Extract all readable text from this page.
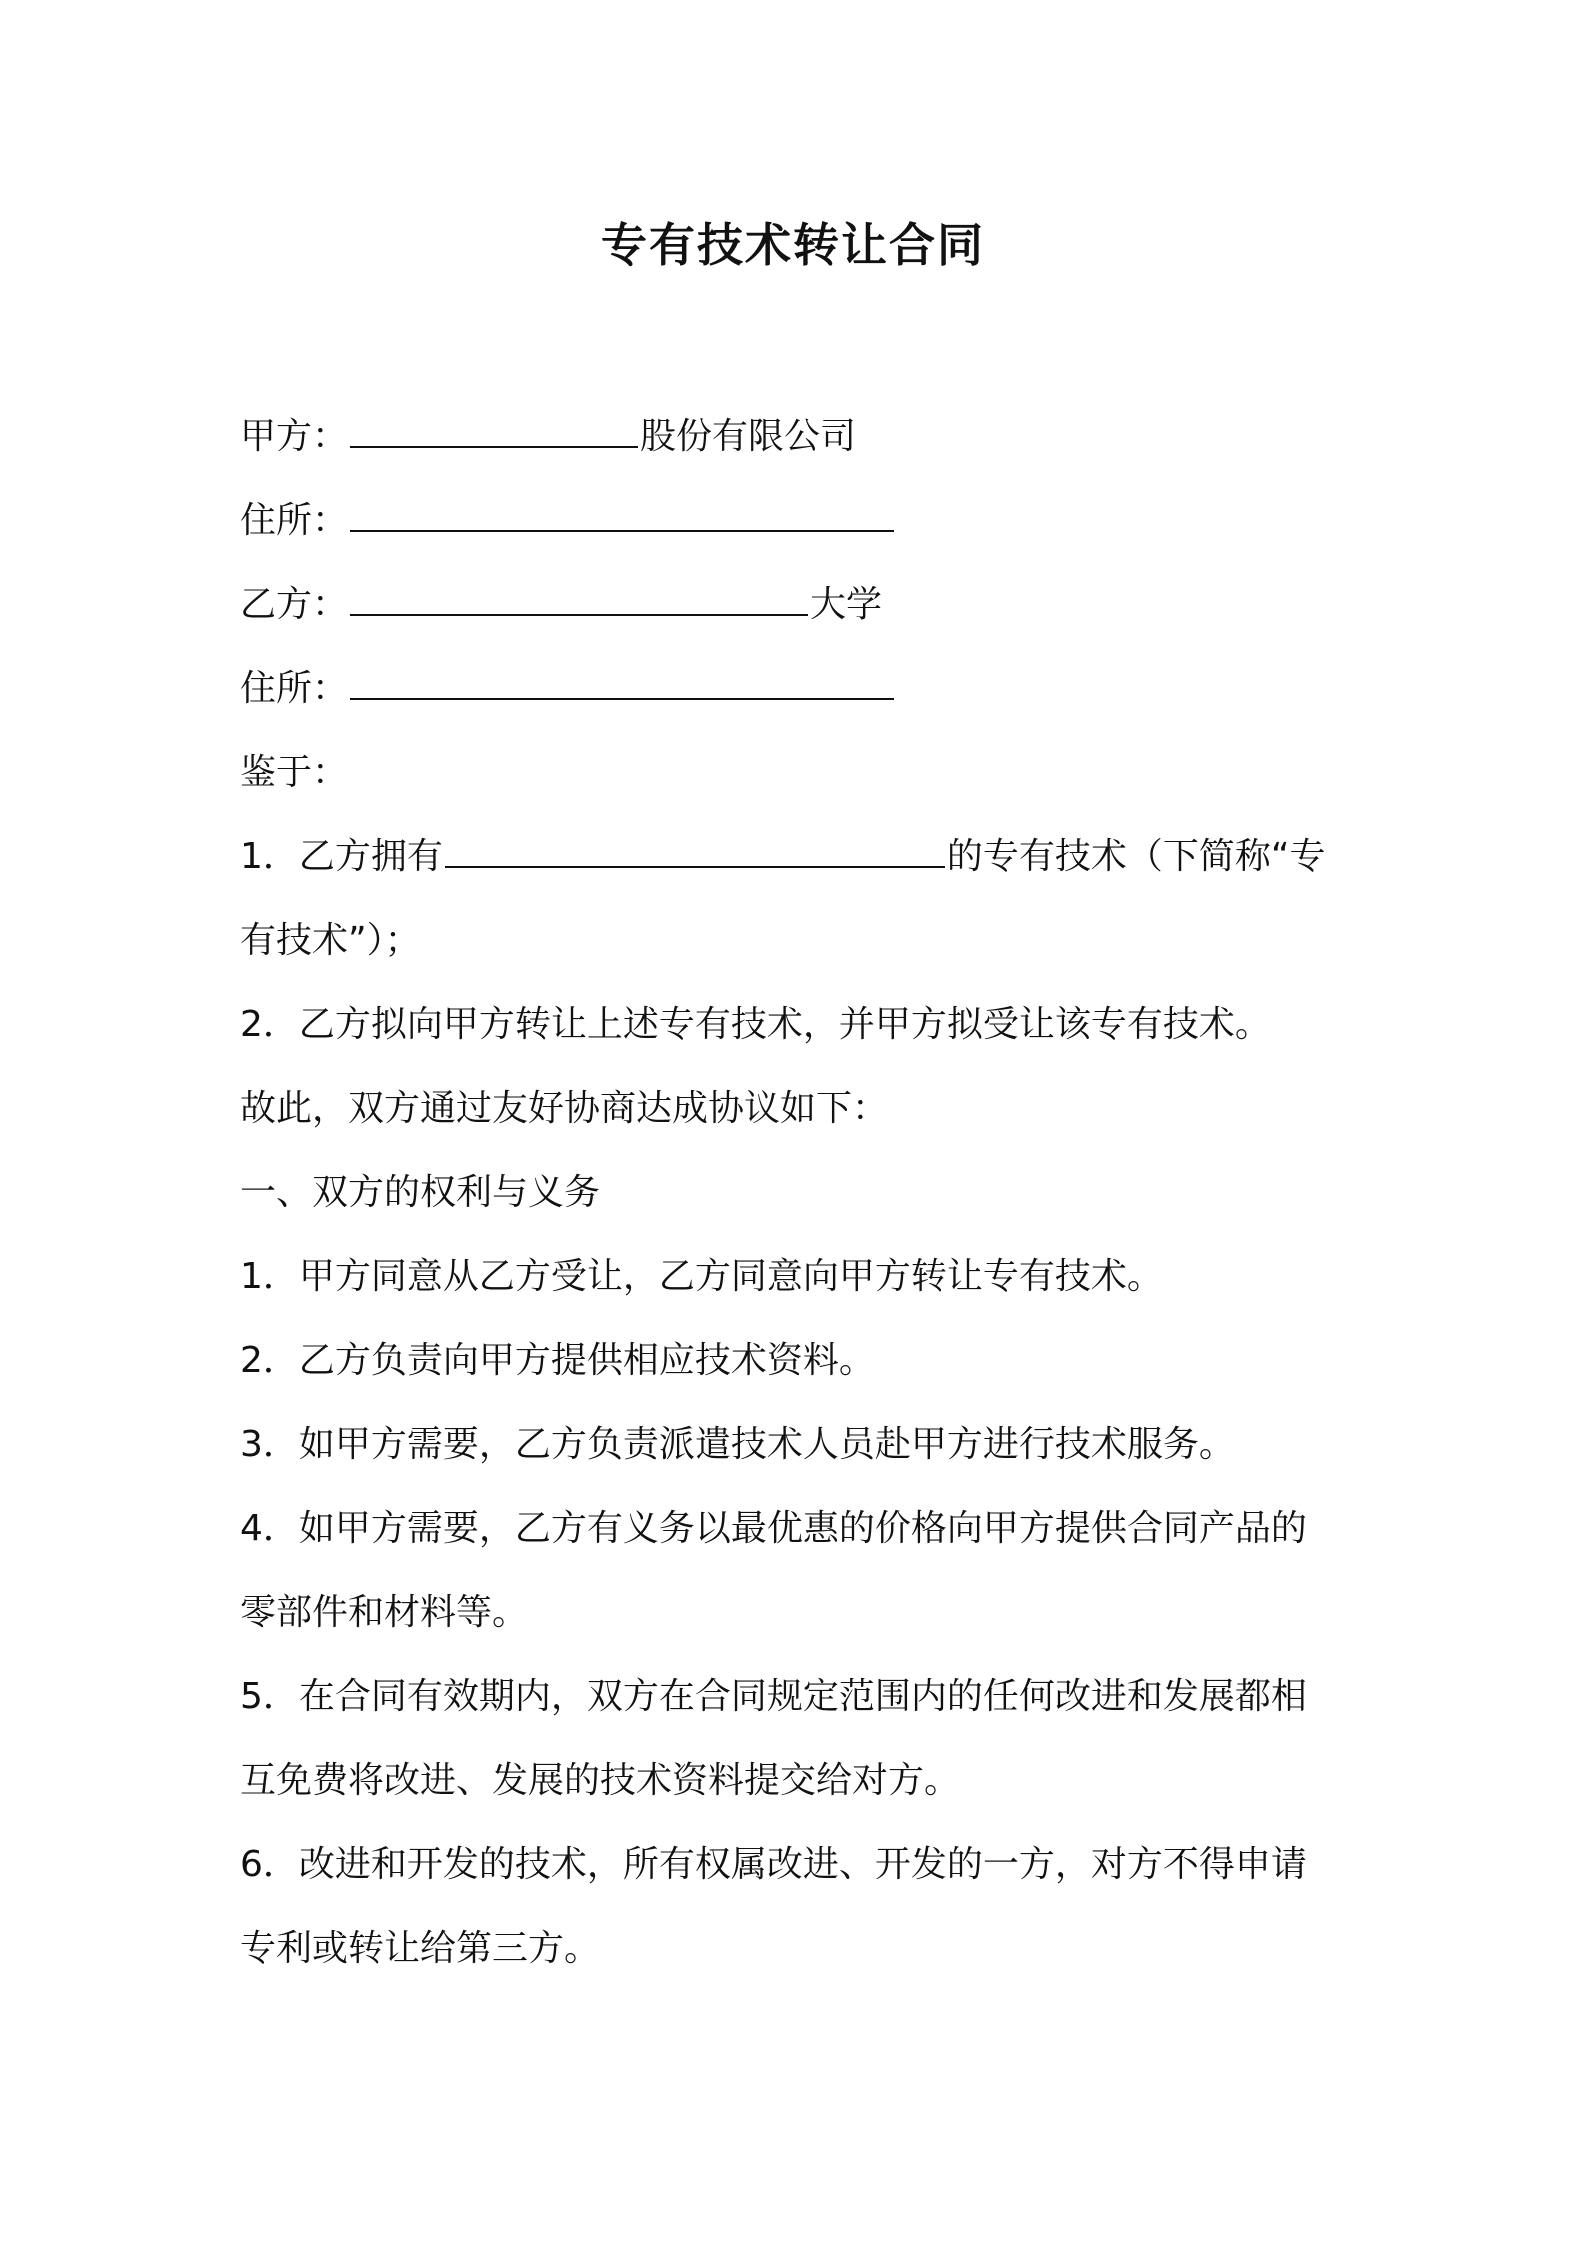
专有技术转让合同
甲方：	股份有限公司
住所：
乙方：	大学
住所：
鉴于：
1．乙方拥有	的专有技术（下简称“专
有技术”）；
2．乙方拟向甲方转让上述专有技术，并甲方拟受让该专有技术。
故此，双方通过友好协商达成协议如下：
一、双方的权利与义务
1．甲方同意从乙方受让，乙方同意向甲方转让专有技术。
2．乙方负责向甲方提供相应技术资料。
3．如甲方需要，乙方负责派遣技术人员赴甲方进行技术服务。
4．如甲方需要，乙方有义务以最优惠的价格向甲方提供合同产品的
零部件和材料等。
5．在合同有效期内，双方在合同规定范围内的任何改进和发展都相
互免费将改进、发展的技术资料提交给对方。
6．改进和开发的技术，所有权属改进、开发的一方，对方不得申请
专利或转让给第三方。
